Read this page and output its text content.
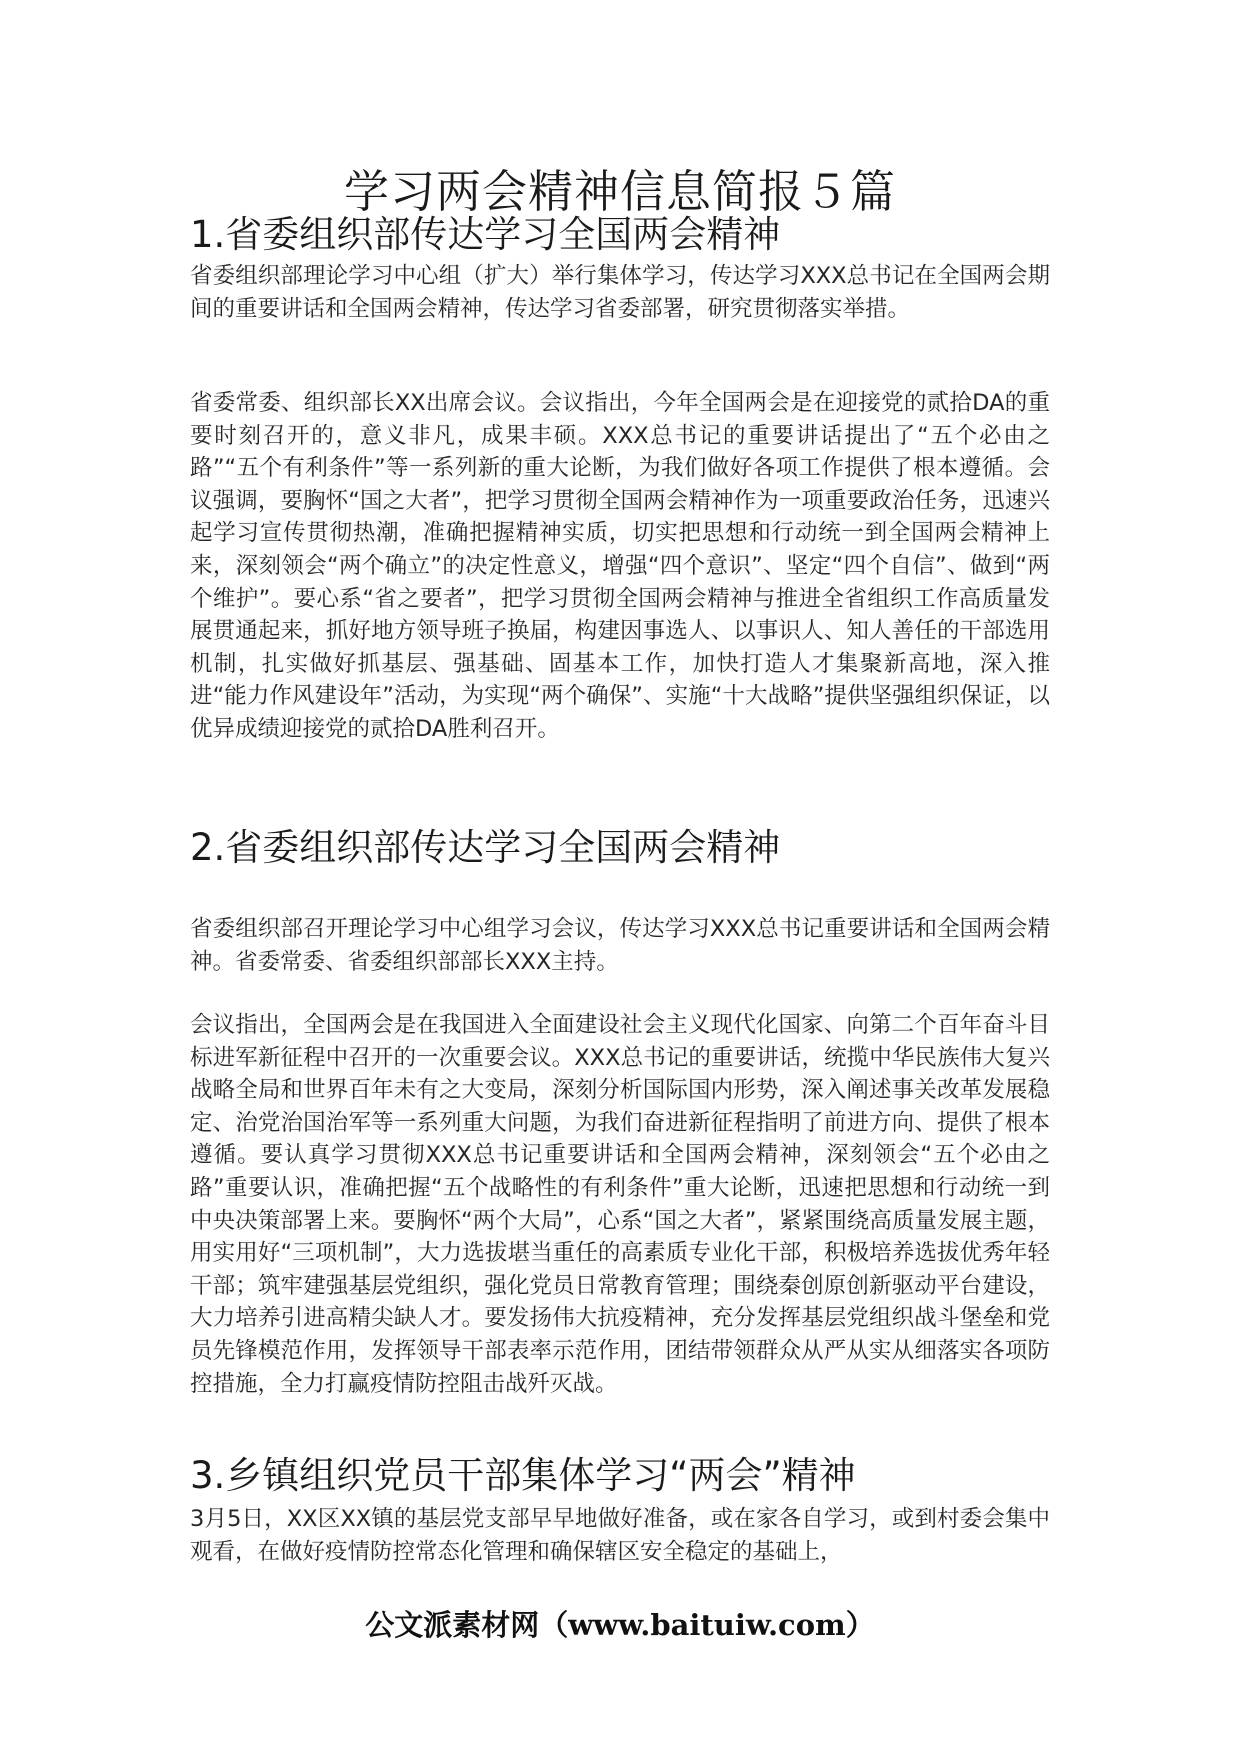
学习两会精神信息简报５篇
1.省委组织部传达学习全国两会精神

省委组织部理论学习中心组（扩大）举行集体学习，传达学习XXX总书记在全国两会期间的重要讲话和全国两会精神，传达学习省委部署，研究贯彻落实举措。

省委常委、组织部长XX出席会议。会议指出，今年全国两会是在迎接党的贰拾DA的重要时刻召开的，意义非凡，成果丰硕。XXX总书记的重要讲话提出了“五个必由之路”“五个有利条件”等一系列新的重大论断，为我们做好各项工作提供了根本遵循。会议强调，要胸怀“国之大者”，把学习贯彻全国两会精神作为一项重要政治任务，迅速兴起学习宣传贯彻热潮，准确把握精神实质，切实把思想和行动统一到全国两会精神上来，深刻领会“两个确立”的决定性意义，增强“四个意识”、坚定“四个自信”、做到“两个维护”。要心系“省之要者”，把学习贯彻全国两会精神与推进全省组织工作高质量发展贯通起来，抓好地方领导班子换届，构建因事选人、以事识人、知人善任的干部选用机制，扎实做好抓基层、强基础、固基本工作，加快打造人才集聚新高地，深入推进“能力作风建设年”活动，为实现“两个确保”、实施“十大战略”提供坚强组织保证，以优异成绩迎接党的贰拾DA胜利召开。

2.省委组织部传达学习全国两会精神

省委组织部召开理论学习中心组学习会议，传达学习XXX总书记重要讲话和全国两会精神。省委常委、省委组织部部长XXX主持。

会议指出，全国两会是在我国进入全面建设社会主义现代化国家、向第二个百年奋斗目标进军新征程中召开的一次重要会议。XXX总书记的重要讲话，统揽中华民族伟大复兴战略全局和世界百年未有之大变局，深刻分析国际国内形势，深入阐述事关改革发展稳定、治党治国治军等一系列重大问题，为我们奋进新征程指明了前进方向、提供了根本遵循。要认真学习贯彻XXX总书记重要讲话和全国两会精神，深刻领会“五个必由之路”重要认识，准确把握“五个战略性的有利条件”重大论断，迅速把思想和行动统一到中央决策部署上来。要胸怀“两个大局”，心系“国之大者”，紧紧围绕高质量发展主题，用实用好“三项机制”，大力选拔堪当重任的高素质专业化干部，积极培养选拔优秀年轻干部；筑牢建强基层党组织，强化党员日常教育管理；围绕秦创原创新驱动平台建设，大力培养引进高精尖缺人才。要发扬伟大抗疫精神，充分发挥基层党组织战斗堡垒和党员先锋模范作用，发挥领导干部表率示范作用，团结带领群众从严从实从细落实各项防控措施，全力打赢疫情防控阻击战歼灭战。

3.乡镇组织党员干部集体学习“两会”精神

3月5日，XX区XX镇的基层党支部早早地做好准备，或在家各自学习，或到村委会集中观看，在做好疫情防控常态化管理和确保辖区安全稳定的基础上，

公文派素材网（www.baituiw.com）
